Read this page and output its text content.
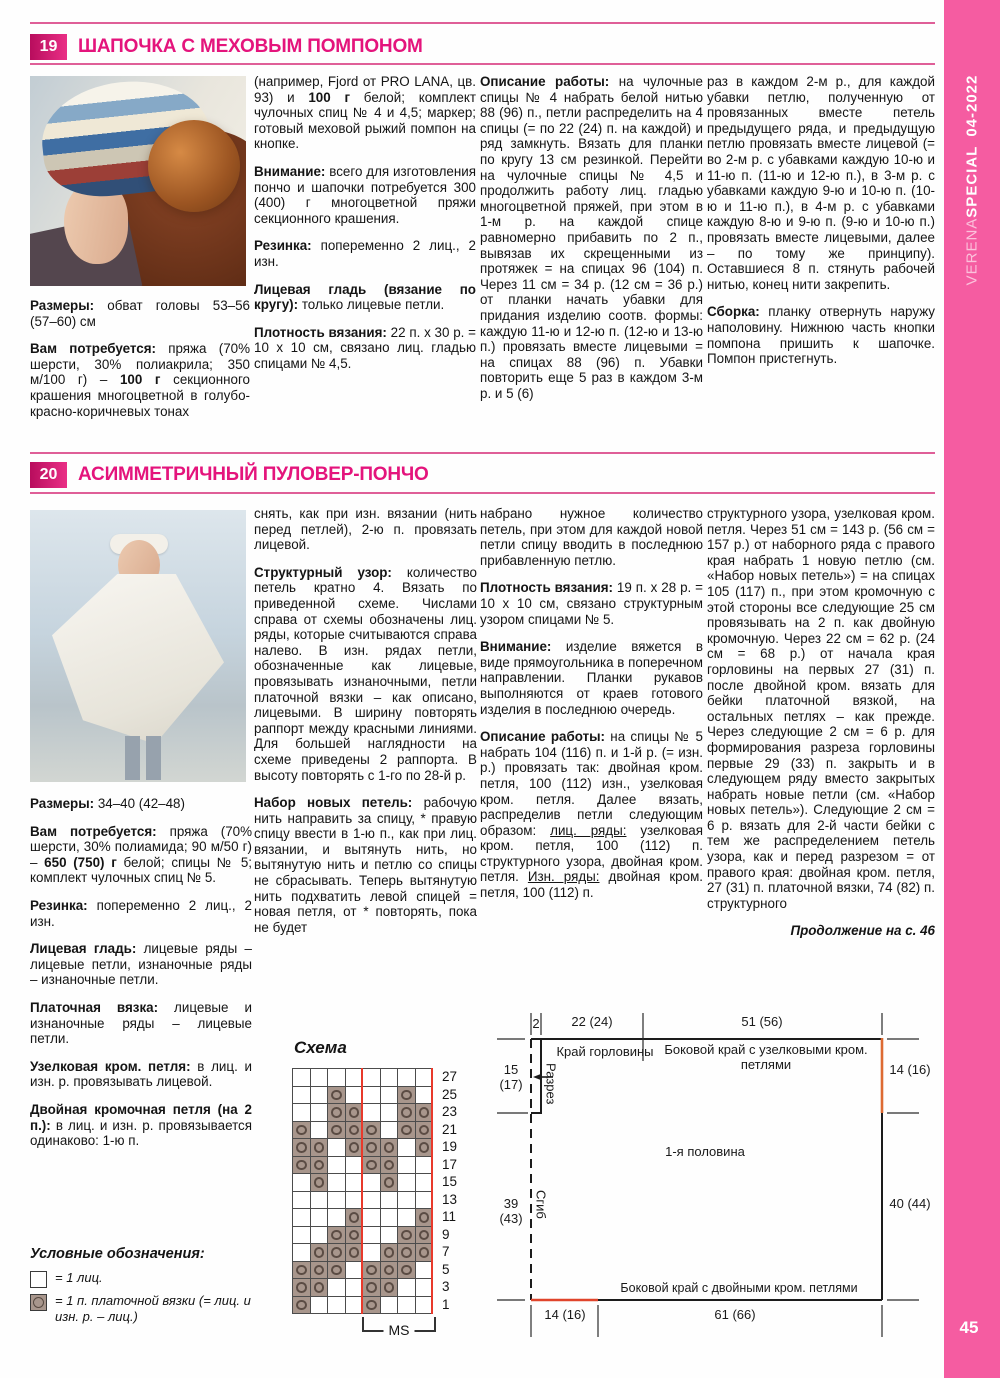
VERENASPECIAL04-2022
45
19	ШАПОЧКА С МЕХОВЫМ ПОМПОНОМ

Размеры: обват головы 53–56 (57–60) см

Вам потребуется: пряжа (70% шерсти, 30% полиакрила; 350 м/100 г) – 100 г секционного крашения многоцветной в голубо-красно-коричневых тонах

(например, Fjord от PRO LANA, цв. 93) и 100 г белой; комплект чулочных спиц № 4 и 4,5; маркер; готовый меховой рыжий помпон на кнопке.

Внимание: всего для изготовления пончо и шапочки потребуется 300 (400) г многоцветной пряжи секционного крашения.

Резинка: попеременно 2 лиц., 2 изн.

Лицевая гладь (вязание по кругу): только лицевые петли.

Плотность вязания: 22 п. х 30 р. = 10 х 10 см, связано лиц. гладью спицами № 4,5.

Описание работы: на чулочные спицы № 4 набрать белой нитью 88 (96) п., петли распределить на 4 спицы (= по 22 (24) п. на каждой) и ряд замкнуть. Вязать для планки по кругу 13 см резинкой. Перейти на чулочные спицы № 4,5 и продолжить работу лиц. гладью многоцветной пряжей, при этом в 1-м р. на каждой спице равномерно прибавить по 2 п., вывязав их скрещенными из протяжек = на спицах 96 (104) п. Через 11 см = 34 р. (12 см = 36 р.) от планки начать убавки для придания изделию соотв. формы: каждую 11-ю и 12-ю п. (12-ю и 13-ю п.) провязать вместе лицевыми = на спицах 88 (96) п. Убавки повторить еще 5 раз в каждом 3-м р. и 5 (6)

раз в каждом 2-м р., для каждой убавки петлю, полученную от провязанных вместе петель предыдущего ряда, и предыдущую петлю провязать вместе лицевой (= во 2-м р. с убавками каждую 10-ю и 11-ю п. (11-ю и 12-ю п.), в 3-м р. с убавками каждую 9-ю и 10-ю п. (10-ю и 11-ю п.), в 4-м р. с убавками каждую 8-ю и 9-ю п. (9-ю и 10-ю п.) провязать вместе лицевыми, далее – по тому же принципу). Оставшиеся 8 п. стянуть рабочей нитью, конец нити закрепить.

Сборка: планку отвернуть наружу наполовину. Нижнюю часть кнопки помпона пришить к шапочке. Помпон пристегнуть.

20	АСИММЕТРИЧНЫЙ ПУЛОВЕР-ПОНЧО

Размеры: 34–40 (42–48)

Вам потребуется: пряжа (70% шерсти, 30% полиамида; 90 м/50 г) – 650 (750) г белой; спицы № 5; комплект чулочных спиц № 5.

Резинка: попеременно 2 лиц., 2 изн.

Лицевая гладь: лицевые ряды – лицевые петли, изнаночные ряды – изнаночные петли.

Платочная вязка: лицевые и изнаночные ряды – лицевые петли.

Узелковая кром. петля: в лиц. и изн. р. провязывать лицевой.

Двойная кромочная петля (на 2 п.): в лиц. и изн. р. провязывается одинаково: 1-ю п.

снять, как при изн. вязании (нить перед петлей), 2-ю п. провязать лицевой.

Структурный узор: количество петель кратно 4. Вязать по приведенной схеме. Числами справа от схемы обозначены лиц. ряды, которые считываются справа налево. В изн. рядах петли, обозначенные как лицевые, провязывать изнаночными, петли платочной вязки – как описано, лицевыми. В ширину повторять раппорт между красными линиями. Для большей наглядности на схеме приведены 2 раппорта. В высоту повторять с 1-го по 28-й р.

Набор новых петель: рабочую нить направить за спицу, * правую спицу ввести в 1-ю п., как при лиц. вязании, и вытянуть нить, но вытянутую нить и петлю со спицы не сбрасывать. Теперь вытянутую нить подхватить левой спицей = новая петля, от * повторять, пока не будет

набрано нужное количество петель, при этом для каждой новой петли спицу вводить в последнюю прибавленную петлю.

Плотность вязания: 19 п. х 28 р. = 10 х 10 см, связано структурным узором спицами № 5.

Внимание: изделие вяжется в виде прямоугольника в поперечном направлении. Планки рукавов выполняются от краев готового изделия в последнюю очередь.

Описание работы: на спицы № 5 набрать 104 (116) п. и 1-й р. (= изн. р.) провязать так: двойная кром. петля, 100 (112) изн., узелковая кром. петля. Далее вязать, распределив петли следующим образом: лиц. ряды: узелковая кром. петля, 100 (112) п. структурного узора, двойная кром. петля. Изн. ряды: двойная кром. петля, 100 (112) п.

структурного узора, узелковая кром. петля. Через 51 см = 143 р. (56 см = 157 р.) от наборного ряда с правого края набрать 1 новую петлю (см. «Набор новых петель») = на спицах 105 (117) п., при этом кромочную с этой стороны все следующие 25 см провязывать на 2 п. как двойную кромочную. Через 22 см = 62 р. (24 см = 68 р.) от начала края горловины на первых 27 (31) п. после двойной кром. вязать для бейки платочной вязкой, на остальных петлях – как прежде. Через следующие 2 см = 6 р. для формирования разреза горловины первые 29 (33) п. закрыть и в следующем ряду вместо закрытых набрать новые петли (см. «Набор новых петель»). Следующие 2 см = 6 р. вязать для 2-й части бейки с тем же распределением петель узора, как и перед разрезом = от правого края: двойная кром. петля, 27 (31) п. платочной вязки, 74 (82) п. структурного

Продолжение на с. 46

Условные обозначения:
= 1 лиц.
= 1 п. платочной вязки (= лиц. и изн. р. – лиц.)
Схема
27
25
23
21
19
17
15
13
11
9
7
5
3
1
MS
2	22 (24)	51 (56)
Край горловины Боковой край с узелковыми кром. петлями
15 (17)	Разрез
39 (43) Сгиб
1-я половина
14 (16)
40 (44)
Боковой край с двойными кром. петлями
14 (16)	61 (66)
